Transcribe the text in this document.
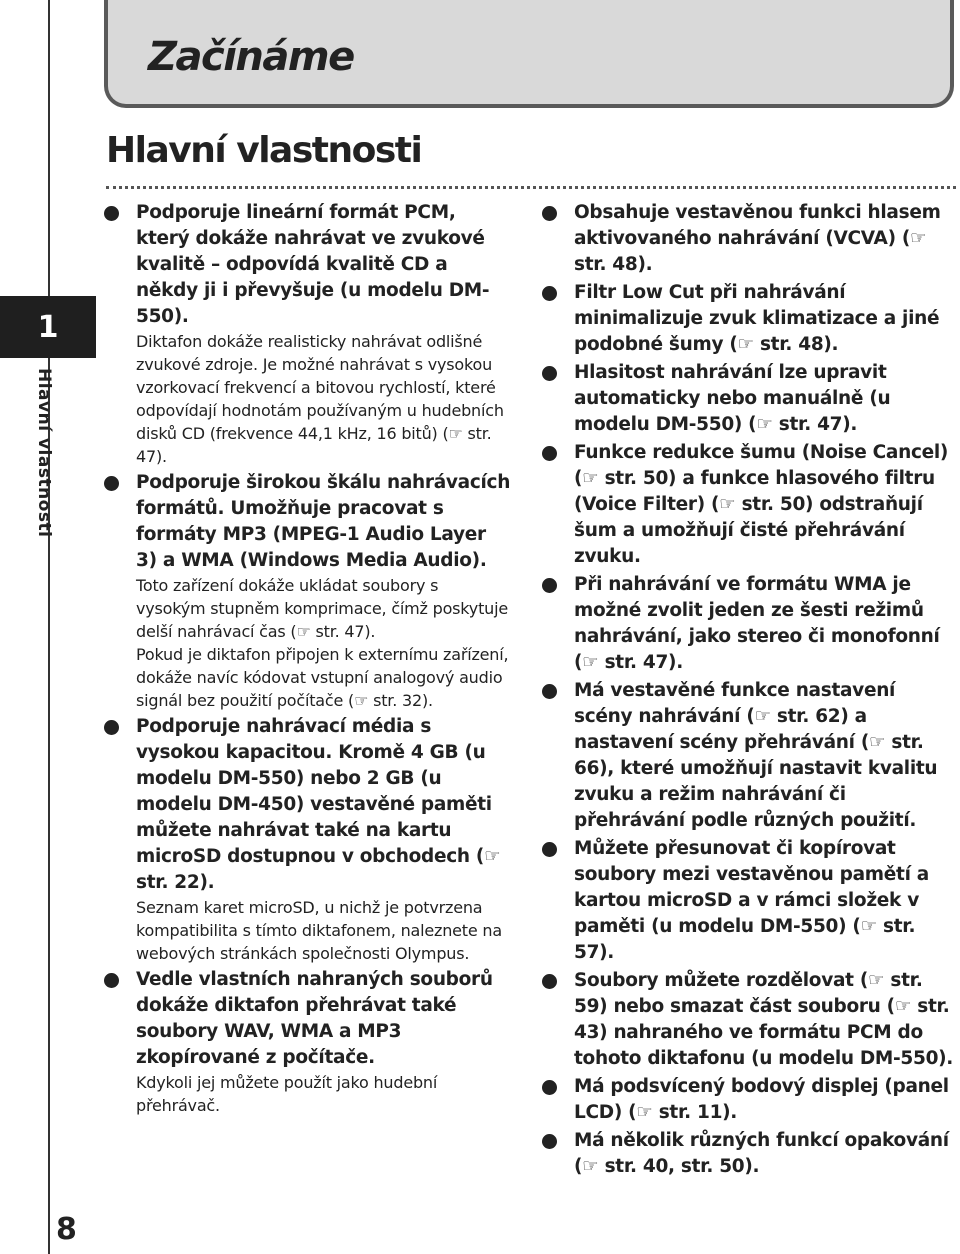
Začínáme
Hlavní vlastnosti
1
Hlavní vlastnosti
8

Podporuje lineární formát PCM, který dokáže nahrávat ve zvukové kvalitě – odpovídá kvalitě CD a někdy ji i převyšuje (u modelu DM-550).

Diktafon dokáže realisticky nahrávat odlišné zvukové zdroje. Je možné nahrávat s vysokou vzorkovací frekvencí a bitovou rychlostí, které odpovídají hodnotám používaným u hudebních disků CD (frekvence 44,1 kHz, 16 bitů) (☞ str. 47).

Podporuje širokou škálu nahrávacích formátů. Umožňuje pracovat s formáty MP3 (MPEG-1 Audio Layer 3) a WMA (Windows Media Audio).

Toto zařízení dokáže ukládat soubory s vysokým stupněm komprimace, čímž poskytuje delší nahrávací čas (☞ str. 47).

Pokud je diktafon připojen k externímu zařízení, dokáže navíc kódovat vstupní analogový audio signál bez použití počítače (☞ str. 32).

Podporuje nahrávací média s vysokou kapacitou. Kromě 4 GB (u modelu DM-550) nebo 2 GB (u modelu DM-450) vestavěné paměti můžete nahrávat také na kartu microSD dostupnou v obchodech (☞ str. 22).

Seznam karet microSD, u nichž je potvrzena kompatibilita s tímto diktafonem, naleznete na webových stránkách společnosti Olympus.

Vedle vlastních nahraných souborů dokáže diktafon přehrávat také soubory WAV, WMA a MP3 zkopírované z počítače.

Kdykoli jej můžete použít jako hudební přehrávač.

Obsahuje vestavěnou funkci hlasem aktivovaného nahrávání (VCVA) (☞ str. 48).

Filtr Low Cut při nahrávání minimalizuje zvuk klimatizace a jiné podobné šumy (☞ str. 48).

Hlasitost nahrávání lze upravit automaticky nebo manuálně (u modelu DM-550) (☞ str. 47).

Funkce redukce šumu (Noise Cancel) (☞ str. 50) a funkce hlasového filtru (Voice Filter) (☞ str. 50) odstraňují šum a umožňují čisté přehrávání zvuku.

Při nahrávání ve formátu WMA je možné zvolit jeden ze šesti režimů nahrávání, jako stereo či monofonní (☞ str. 47).

Má vestavěné funkce nastavení scény nahrávání (☞ str. 62) a nastavení scény přehrávání (☞ str. 66), které umožňují nastavit kvalitu zvuku a režim nahrávání či přehrávání podle různých použití.

Můžete přesunovat či kopírovat soubory mezi vestavěnou pamětí a kartou microSD a v rámci složek v paměti (u modelu DM-550) (☞ str. 57).

Soubory můžete rozdělovat (☞ str. 59) nebo smazat část souboru (☞ str. 43) nahraného ve formátu PCM do tohoto diktafonu (u modelu DM-550).

Má podsvícený bodový displej (panel LCD) (☞ str. 11).

Má několik různých funkcí opakování (☞ str. 40, str. 50).
